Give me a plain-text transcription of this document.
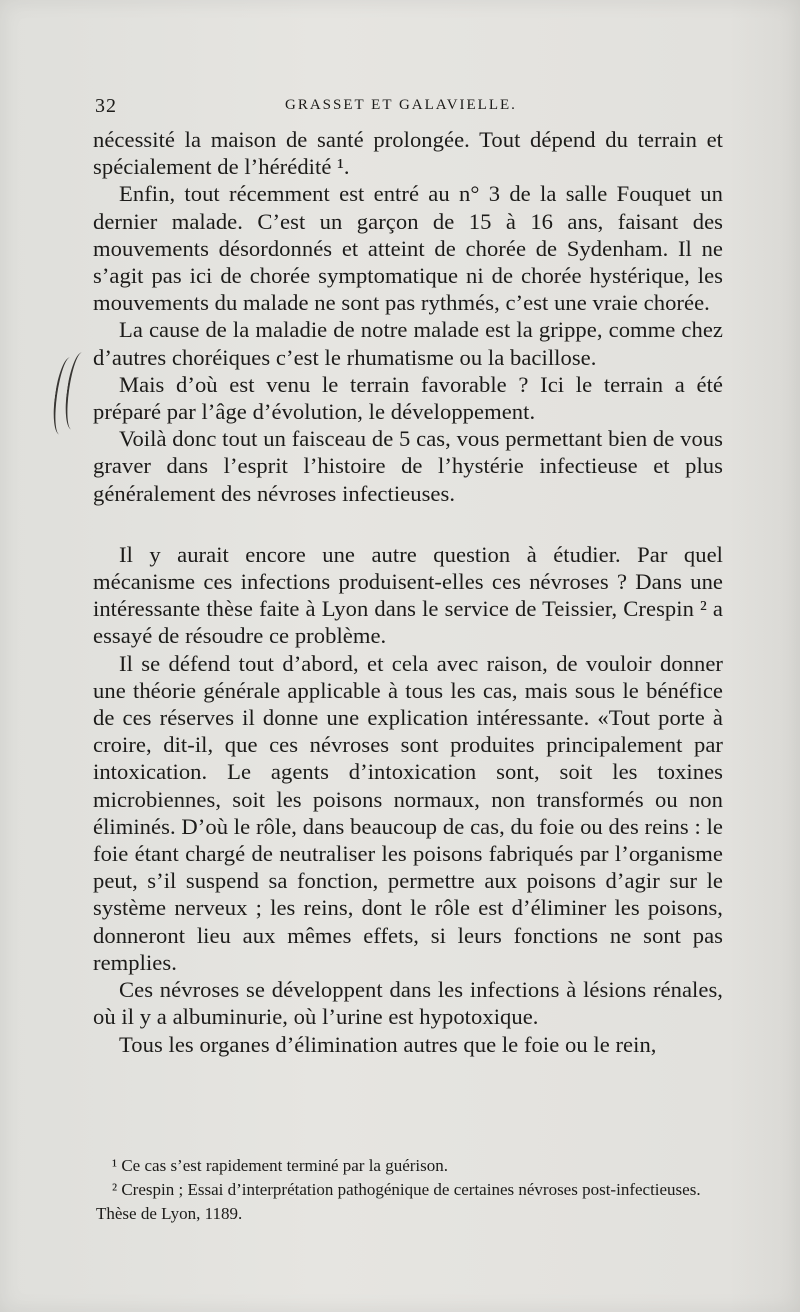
32	GRASSET ET GALAVIELLE.

nécessité la maison de santé prolongée. Tout dépend du terrain et spécialement de l’hérédité ¹.

Enfin, tout récemment est entré au n° 3 de la salle Fouquet un dernier malade. C’est un garçon de 15 à 16 ans, faisant des mouvements désordonnés et atteint de chorée de Sydenham. Il ne s’agit pas ici de chorée symptomatique ni de chorée hystérique, les mouvements du malade ne sont pas rythmés, c’est une vraie chorée.

La cause de la maladie de notre malade est la grippe, comme chez d’autres choréiques c’est le rhumatisme ou la bacillose.

Mais d’où est venu le terrain favorable ? Ici le terrain a été préparé par l’âge d’évolution, le développement.

Voilà donc tout un faisceau de 5 cas, vous permettant bien de vous graver dans l’esprit l’histoire de l’hystérie infectieuse et plus généralement des névroses infectieuses.

Il y aurait encore une autre question à étudier. Par quel mécanisme ces infections produisent-elles ces névroses ? Dans une intéressante thèse faite à Lyon dans le service de Teissier, Crespin ² a essayé de résoudre ce problème.

Il se défend tout d’abord, et cela avec raison, de vouloir donner une théorie générale applicable à tous les cas, mais sous le bénéfice de ces réserves il donne une explication intéressante. «Tout porte à croire, dit-il, que ces névroses sont produites principalement par intoxication. Le agents d’intoxication sont, soit les toxines microbiennes, soit les poisons normaux, non transformés ou non éliminés. D’où le rôle, dans beaucoup de cas, du foie ou des reins : le foie étant chargé de neutraliser les poisons fabriqués par l’organisme peut, s’il suspend sa fonction, permettre aux poisons d’agir sur le système nerveux ; les reins, dont le rôle est d’éliminer les poisons, donneront lieu aux mêmes effets, si leurs fonctions ne sont pas remplies.

Ces névroses se développent dans les infections à lésions rénales, où il y a albuminurie, où l’urine est hypotoxique.

Tous les organes d’élimination autres que le foie ou le rein,

¹ Ce cas s’est rapidement terminé par la guérison.

² Crespin ; Essai d’interprétation pathogénique de certaines névroses post-infectieuses. Thèse de Lyon, 1189.
